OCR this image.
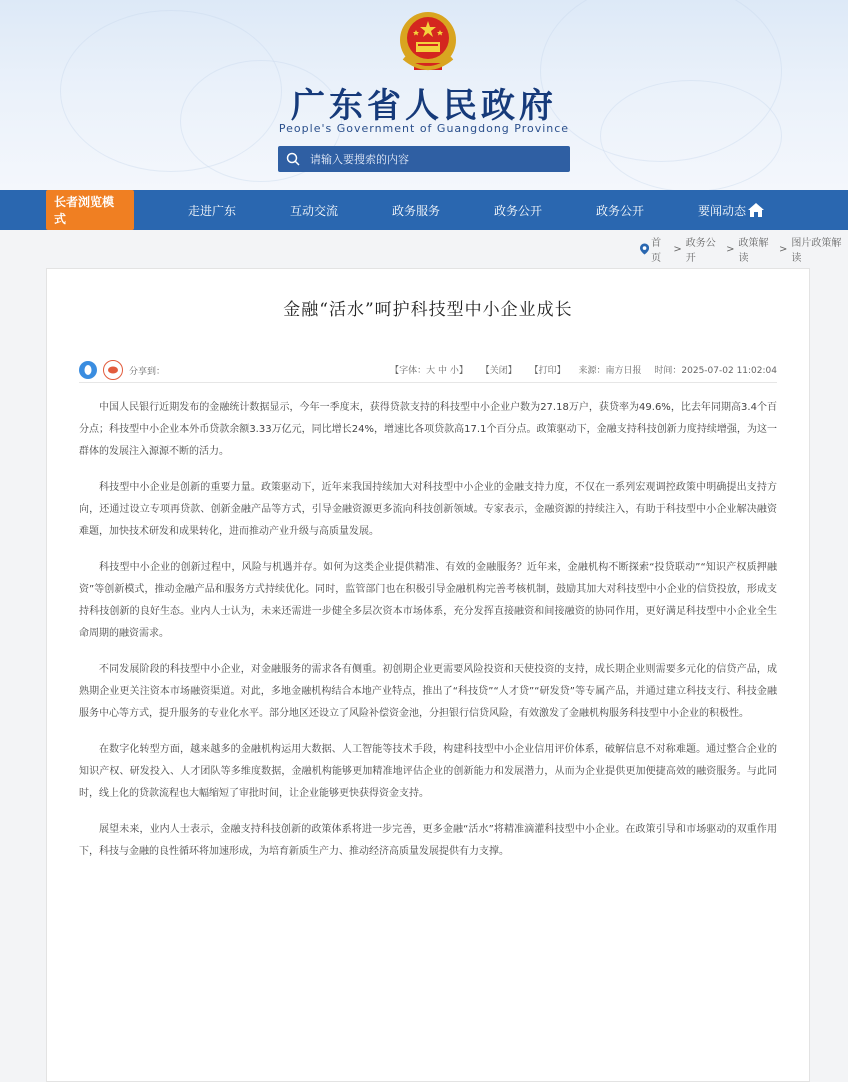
广东省人民政府
People's Government of Guangdong Province
请输入要搜索的内容
长者浏览模式
走进广东	互动交流	政务服务	政务公开	政务公开	要闻动态
首页
> 政务公开
> 政策解读
> 图片政策解读
金融“活水”呵护科技型中小企业成长
分享到：	【字体：大 中 小】 【关闭】 【打印】 来源：南方日报 时间：2025-07-02 11:02:04

中国人民银行近期发布的金融统计数据显示，今年一季度末，获得贷款支持的科技型中小企业户数为27.18万户，获贷率为49.6%，比去年同期高3.4个百分点；科技型中小企业本外币贷款余额3.33万亿元，同比增长24%，增速比各项贷款高17.1个百分点。政策驱动下，金融支持科技创新力度持续增强，为这一群体的发展注入源源不断的活力。

科技型中小企业是创新的重要力量。政策驱动下，近年来我国持续加大对科技型中小企业的金融支持力度，不仅在一系列宏观调控政策中明确提出支持方向，还通过设立专项再贷款、创新金融产品等方式，引导金融资源更多流向科技创新领域。专家表示，金融资源的持续注入，有助于科技型中小企业解决融资难题，加快技术研发和成果转化，进而推动产业升级与高质量发展。

科技型中小企业的创新过程中，风险与机遇并存。如何为这类企业提供精准、有效的金融服务？近年来，金融机构不断探索“投贷联动”“知识产权质押融资”等创新模式，推动金融产品和服务方式持续优化。同时，监管部门也在积极引导金融机构完善考核机制，鼓励其加大对科技型中小企业的信贷投放，形成支持科技创新的良好生态。业内人士认为，未来还需进一步健全多层次资本市场体系，充分发挥直接融资和间接融资的协同作用，更好满足科技型中小企业全生命周期的融资需求。

不同发展阶段的科技型中小企业，对金融服务的需求各有侧重。初创期企业更需要风险投资和天使投资的支持，成长期企业则需要多元化的信贷产品，成熟期企业更关注资本市场融资渠道。对此，多地金融机构结合本地产业特点，推出了“科技贷”“人才贷”“研发贷”等专属产品，并通过建立科技支行、科技金融服务中心等方式，提升服务的专业化水平。部分地区还设立了风险补偿资金池，分担银行信贷风险，有效激发了金融机构服务科技型中小企业的积极性。

在数字化转型方面，越来越多的金融机构运用大数据、人工智能等技术手段，构建科技型中小企业信用评价体系，破解信息不对称难题。通过整合企业的知识产权、研发投入、人才团队等多维度数据，金融机构能够更加精准地评估企业的创新能力和发展潜力，从而为企业提供更加便捷高效的融资服务。与此同时，线上化的贷款流程也大幅缩短了审批时间，让企业能够更快获得资金支持。

展望未来，业内人士表示，金融支持科技创新的政策体系将进一步完善，更多金融“活水”将精准滴灌科技型中小企业。在政策引导和市场驱动的双重作用下，科技与金融的良性循环将加速形成，为培育新质生产力、推动经济高质量发展提供有力支撑。
